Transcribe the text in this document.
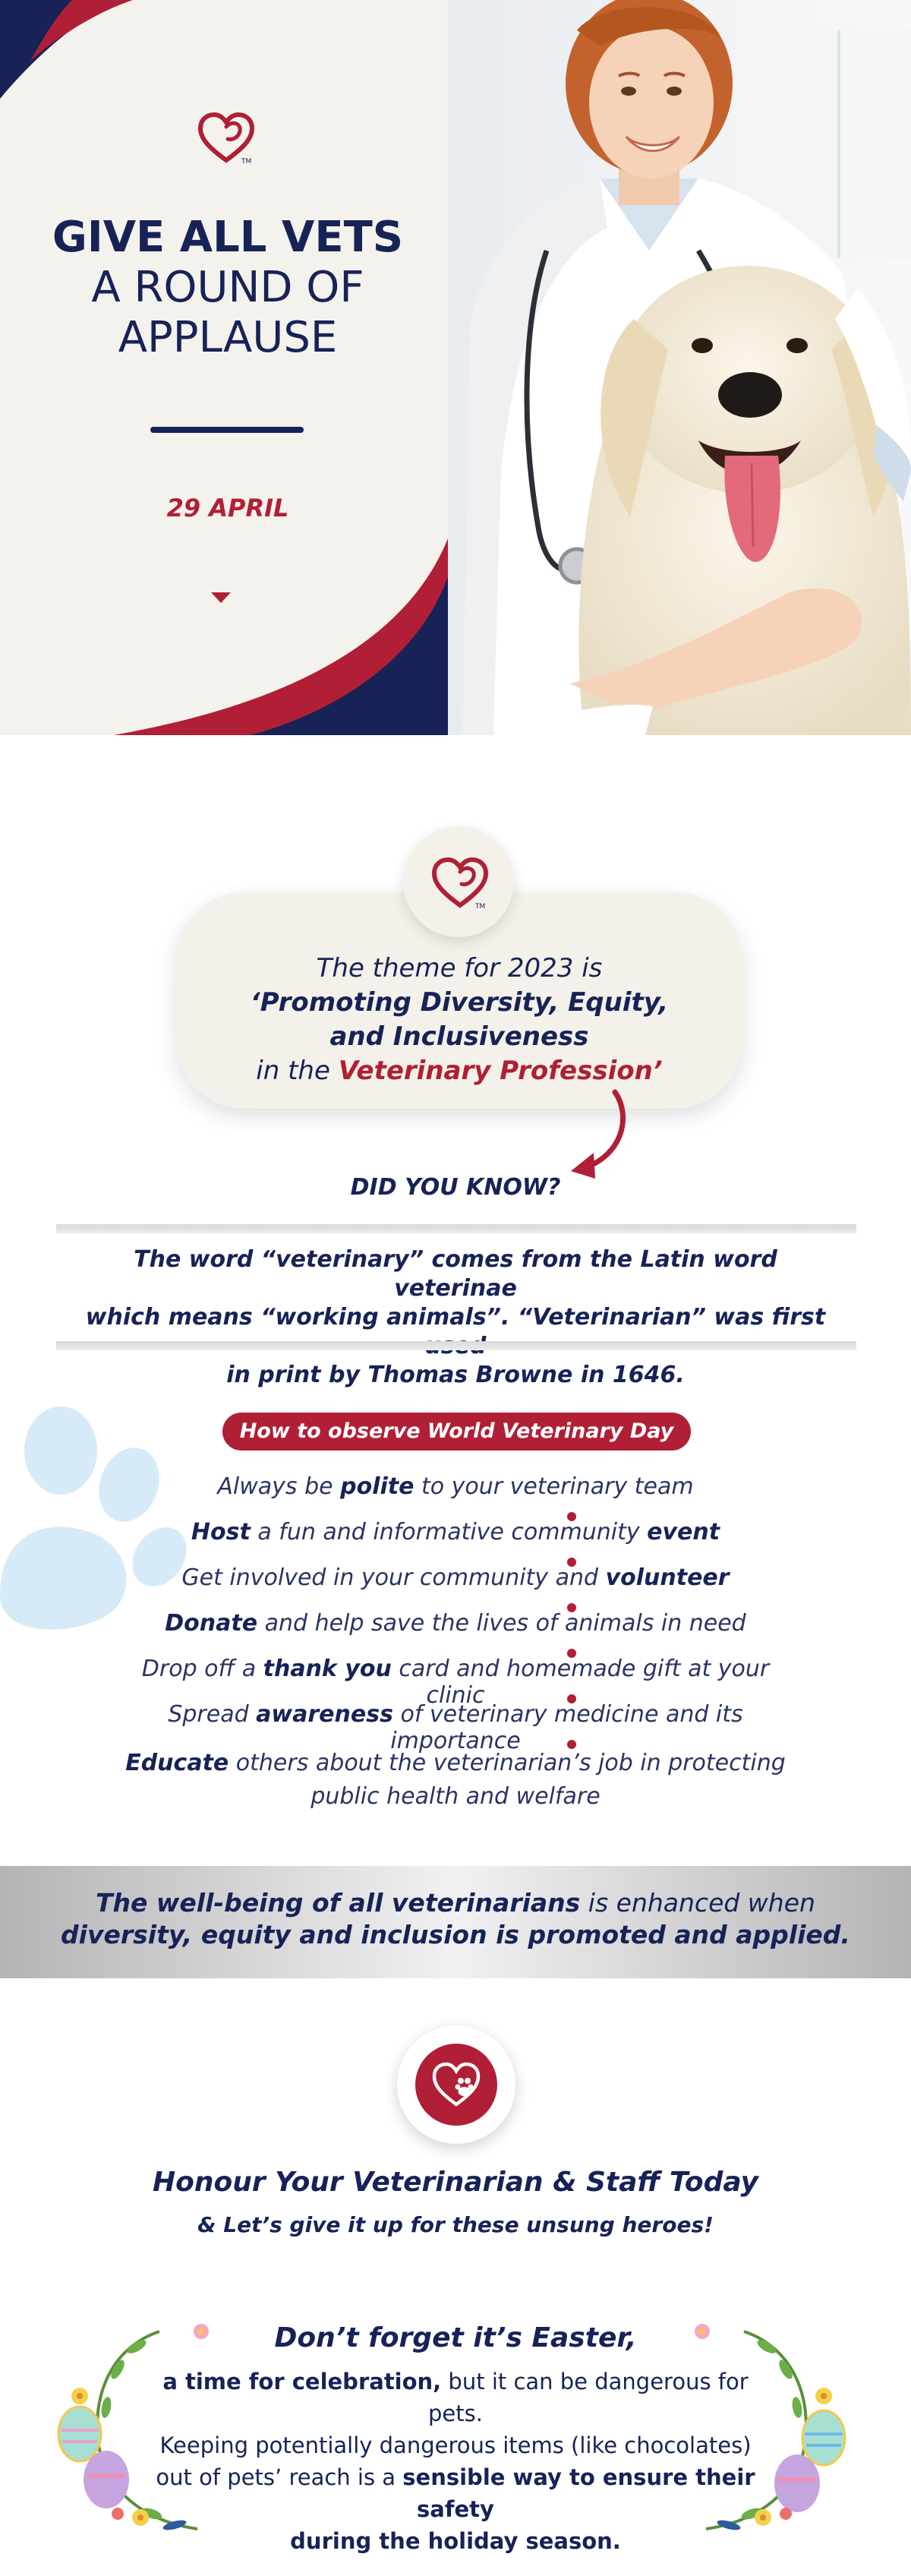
TM
GIVE ALL VETS
A ROUND OF
APPLAUSE
29 APRIL
TM
The theme for 2023 is
‘Promoting Diversity, Equity,
and Inclusiveness
in the Veterinary Profession’
DID YOU KNOW?
The word “veterinary” comes from the Latin word veterinae
which means “working animals”. “Veterinarian” was first
in print by Thomas Browne in 1646.
How to observe World Veterinary Day
Always be polite to your veterinary team
Host a fun and informative community event
Get involved in your community and volunteer
Donate and help save the lives of animals in need
Drop off a thank you card and homemade gift at your clinic
Spread awareness of veterinary medicine and its importance
Educate others about the veterinarian’s job in protecting
public health and welfare
The well-being of all veterinarians is enhanced when
diversity, equity and inclusion is promoted and applied.
Honour Your Veterinarian & Staff Today
& Let’s give it up for these unsung heroes!
Don’t forget it’s Easter,
a time for celebration, but it can be dangerous for pets.
Keeping potentially dangerous items (like chocolates)
out of pets’ reach is a sensible way to ensure their safety
during the holiday season.
